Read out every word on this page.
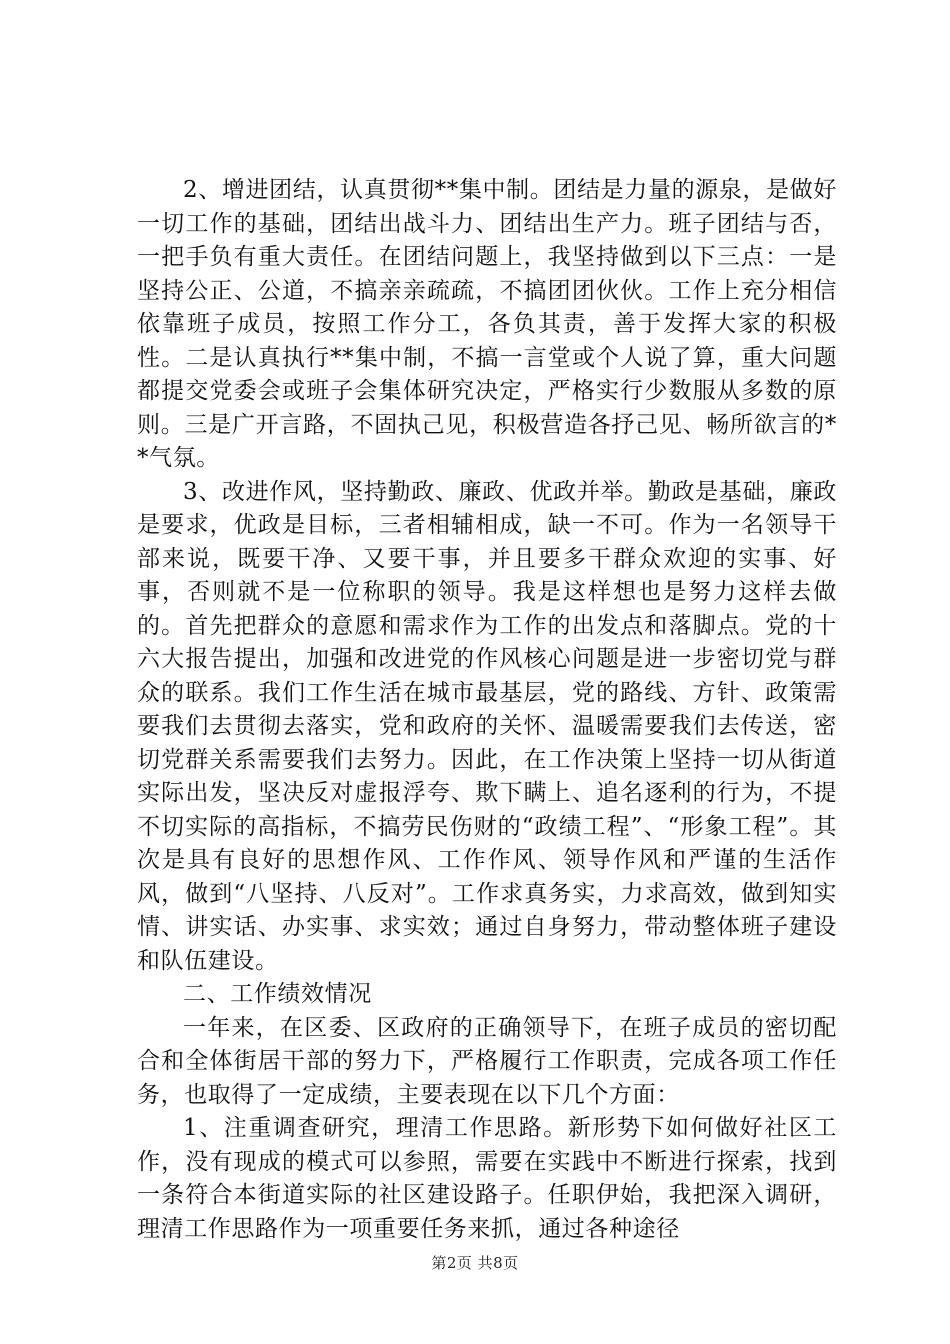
2、增进团结，认真贯彻**集中制。团结是力量的源泉，是做好一切工作的基础，团结出战斗力、团结出生产力。班子团结与否，一把手负有重大责任。在团结问题上，我坚持做到以下三点：一是坚持公正、公道，不搞亲亲疏疏，不搞团团伙伙。工作上充分相信依靠班子成员，按照工作分工，各负其责，善于发挥大家的积极性。二是认真执行**集中制，不搞一言堂或个人说了算，重大问题都提交党委会或班子会集体研究决定，严格实行少数服从多数的原则。三是广开言路，不固执己见，积极营造各抒己见、畅所欲言的**气氛。

3、改进作风，坚持勤政、廉政、优政并举。勤政是基础，廉政是要求，优政是目标，三者相辅相成，缺一不可。作为一名领导干部来说，既要干净、又要干事，并且要多干群众欢迎的实事、好事，否则就不是一位称职的领导。我是这样想也是努力这样去做的。首先把群众的意愿和需求作为工作的出发点和落脚点。党的十六大报告提出，加强和改进党的作风核心问题是进一步密切党与群众的联系。我们工作生活在城市最基层，党的路线、方针、政策需要我们去贯彻去落实，党和政府的关怀、温暖需要我们去传送，密切党群关系需要我们去努力。因此，在工作决策上坚持一切从街道实际出发，坚决反对虚报浮夸、欺下瞒上、追名逐利的行为，不提不切实际的高指标，不搞劳民伤财的“政绩工程”、“形象工程”。其次是具有良好的思想作风、工作作风、领导作风和严谨的生活作风，做到“八坚持、八反对”。工作求真务实，力求高效，做到知实情、讲实话、办实事、求实效；通过自身努力，带动整体班子建设和队伍建设。

二、工作绩效情况

一年来，在区委、区政府的正确领导下，在班子成员的密切配合和全体街居干部的努力下，严格履行工作职责，完成各项工作任务，也取得了一定成绩，主要表现在以下几个方面：

1、注重调查研究，理清工作思路。新形势下如何做好社区工作，没有现成的模式可以参照，需要在实践中不断进行探索，找到一条符合本街道实际的社区建设路子。任职伊始，我把深入调研，理清工作思路作为一项重要任务来抓，通过各种途径

第2页 共8页
